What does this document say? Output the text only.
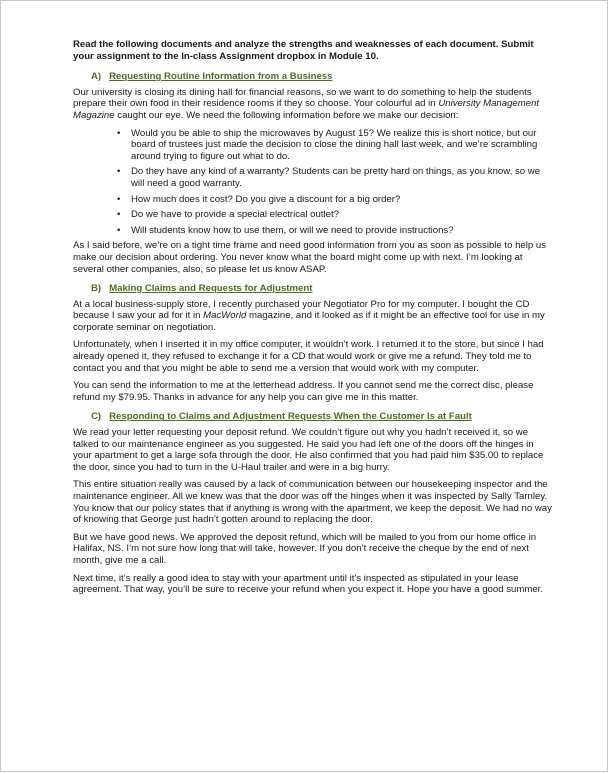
Read the following documents and analyze the strengths and weaknesses of each document. Submit your assignment to the In-class Assignment dropbox in Module 10.

A) Requesting Routine Information from a Business

Our university is closing its dining hall for financial reasons, so we want to do something to help the students prepare their own food in their residence rooms if they so choose. Your colourful ad in University Management Magazine caught our eye. We need the following information before we make our decision:

• Would you be able to ship the microwaves by August 15? We realize this is short notice, but our board of trustees just made the decision to close the dining hall last week, and we’re scrambling around trying to figure out what to do.
• Do they have any kind of a warranty? Students can be pretty hard on things, as you know, so we will need a good warranty.
• How much does it cost? Do you give a discount for a big order?
• Do we have to provide a special electrical outlet?
• Will students know how to use them, or will we need to provide instructions?

As I said before, we’re on a tight time frame and need good information from you as soon as possible to help us make our decision about ordering. You never know what the board might come up with next. I’m looking at several other companies, also, so please let us know ASAP.

B) Making Claims and Requests for Adjustment

At a local business-supply store, I recently purchased your Negotiator Pro for my computer. I bought the CD because I saw your ad for it in MacWorld magazine, and it looked as if it might be an effective tool for use in my corporate seminar on negotiation.

Unfortunately, when I inserted it in my office computer, it wouldn’t work. I returned it to the store, but since I had already opened it, they refused to exchange it for a CD that would work or give me a refund. They told me to contact you and that you might be able to send me a version that would work with my computer.

You can send the information to me at the letterhead address. If you cannot send me the correct disc, please refund my $79.95. Thanks in advance for any help you can give me in this matter.

C) Responding to Claims and Adjustment Requests When the Customer Is at Fault

We read your letter requesting your deposit refund. We couldn’t figure out why you hadn’t received it, so we talked to our maintenance engineer as you suggested. He said you had left one of the doors off the hinges in your apartment to get a large sofa through the door. He also confirmed that you had paid him $35.00 to replace the door, since you had to turn in the U-Haul trailer and were in a big hurry.

This entire situation really was caused by a lack of communication between our housekeeping inspector and the maintenance engineer. All we knew was that the door was off the hinges when it was inspected by Sally Tarnley. You know that our policy states that if anything is wrong with the apartment, we keep the deposit. We had no way of knowing that George just hadn’t gotten around to replacing the door.

But we have good news. We approved the deposit refund, which will be mailed to you from our home office in Halifax, NS. I’m not sure how long that will take, however. If you don’t receive the cheque by the end of next month, give me a call.

Next time, it’s really a good idea to stay with your apartment until it’s inspected as stipulated in your lease agreement. That way, you’ll be sure to receive your refund when you expect it. Hope you have a good summer.
